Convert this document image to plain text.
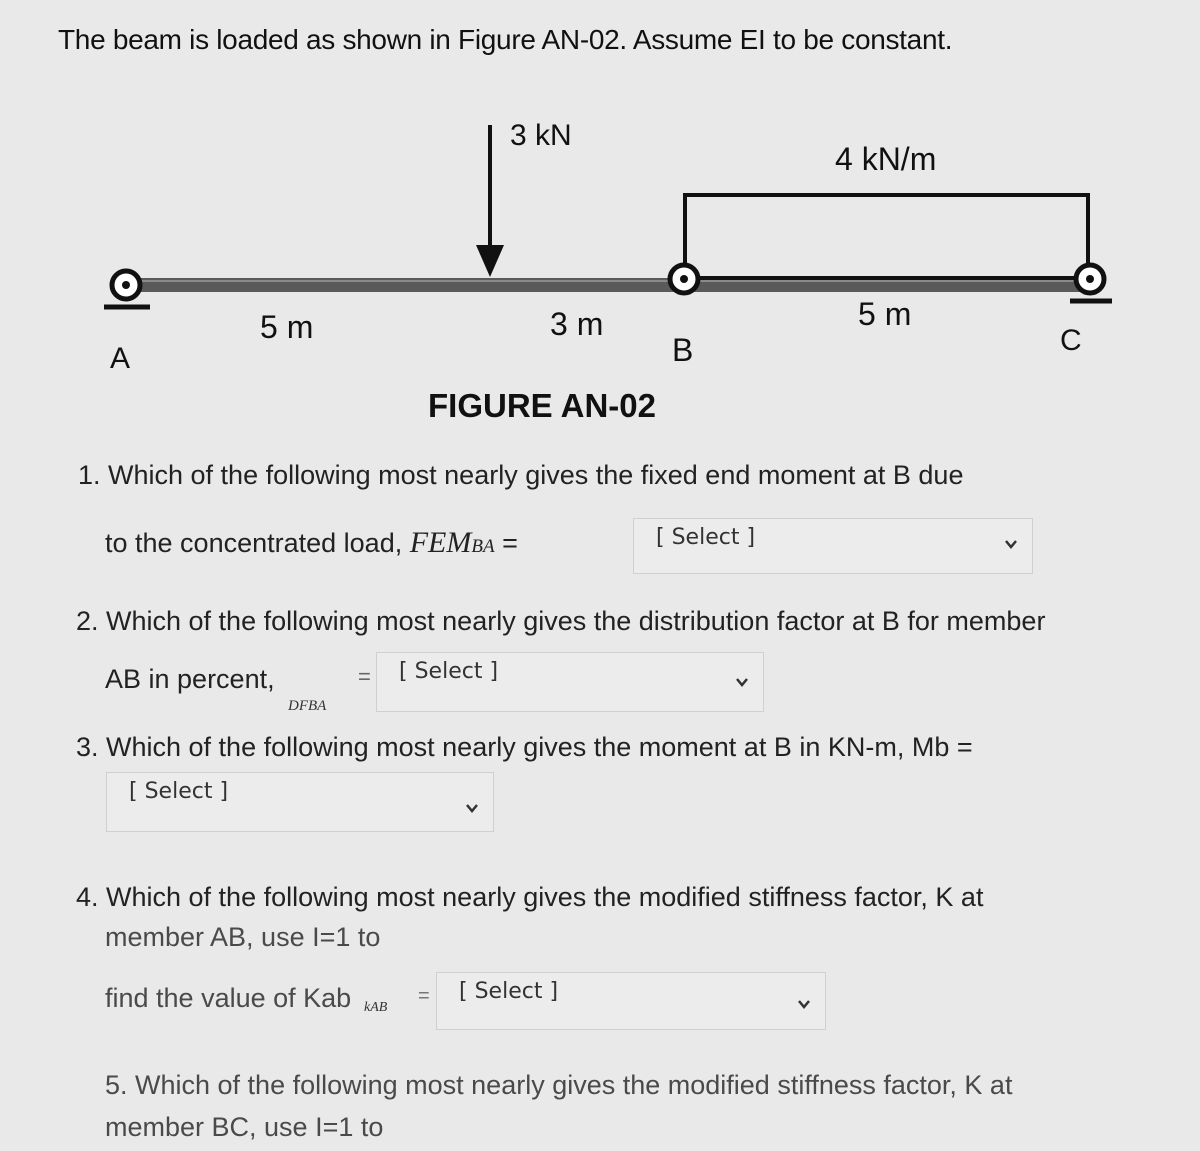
The beam is loaded as shown in Figure AN-02. Assume EI to be constant.
3 kN
4 kN/m
5 m	3 m	5 m
A	B	C
FIGURE AN-02
1. Which of the following most nearly gives the fixed end moment at B due
to the concentrated load, FEMBA =	[ Select ]
2. Which of the following most nearly gives the distribution factor at B for member
AB in percent,	=
DFBA
[ Select ]
3. Which of the following most nearly gives the moment at B in KN-m, Mb =
[ Select ]
4. Which of the following most nearly gives the modified stiffness factor, K at
member AB, use I=1 to
find the value of Kab kAB
= [ Select ]
5. Which of the following most nearly gives the modified stiffness factor, K at
member BC, use I=1 to
